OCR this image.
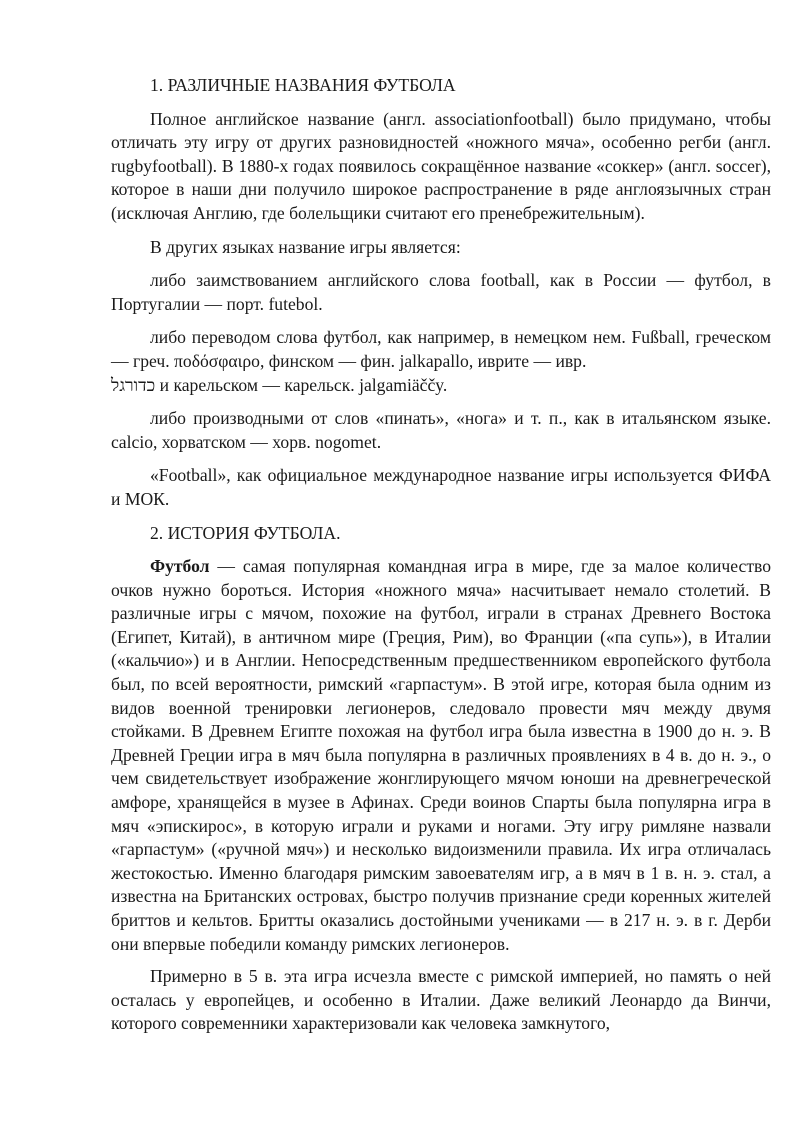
1. РАЗЛИЧНЫЕ НАЗВАНИЯ ФУТБОЛА

Полное английское название (англ. associationfootball) было придумано, чтобы отличать эту игру от других разновидностей «ножного мяча», особенно регби (англ. rugbyfootball). В 1880-х годах появилось сокращённое название «соккер» (англ. soccer), которое в наши дни получило широкое распространение в ряде англоязычных стран (исключая Англию, где болельщики считают его пренебрежительным).

В других языках название игры является:

либо заимствованием английского слова football, как в России — футбол, в Португалии — порт. futebol.

либо переводом слова футбол, как например, в немецком нем. Fußball, греческом — греч. ποδόσφαιρο, финском — фин. jalkapallo, иврите — ивр.
כדורגל и карельском — карельск. jalgamiäččy.

либо производными от слов «пинать», «нога» и т. п., как в итальянском языке. calcio, хорватском — хорв. nogomet.

«Football», как официальное международное название игры используется ФИФА и МОК.

2. ИСТОРИЯ ФУТБОЛА.

Футбол — самая популярная командная игра в мире, где за малое количество очков нужно бороться. История «ножного мяча» насчитывает немало столетий. В различные игры с мячом, похожие на футбол, играли в странах Древнего Востока (Египет, Китай), в античном мире (Греция, Рим), во Франции («па супь»), в Италии («кальчио») и в Англии. Непосредственным предшественником европейского футбола был, по всей вероятности, римский «гарпастум». В этой игре, которая была одним из видов военной тренировки легионеров, следовало провести мяч между двумя стойками. В Древнем Египте похожая на футбол игра была известна в 1900 до н. э. В Древней Греции игра в мяч была популярна в различных проявлениях в 4 в. до н. э., о чем свидетельствует изображение жонглирующего мячом юноши на древнегреческой амфоре, хранящейся в музее в Афинах. Среди воинов Спарты была популярна игра в мяч «эпискирос», в которую играли и руками и ногами. Эту игру римляне назвали «гарпастум» («ручной мяч») и несколько видоизменили правила. Их игра отличалась жестокостью. Именно благодаря римским завоевателям игр, а в мяч в 1 в. н. э. стал, а известна на Британских островах, быстро получив признание среди коренных жителей бриттов и кельтов. Бритты оказались достойными учениками — в 217 н. э. в г. Дерби они впервые победили команду римских легионеров.

Примерно в 5 в. эта игра исчезла вместе с римской империей, но память о ней осталась у европейцев, и особенно в Италии. Даже великий Леонардо да Винчи, которого современники характеризовали как человека замкнутого,
